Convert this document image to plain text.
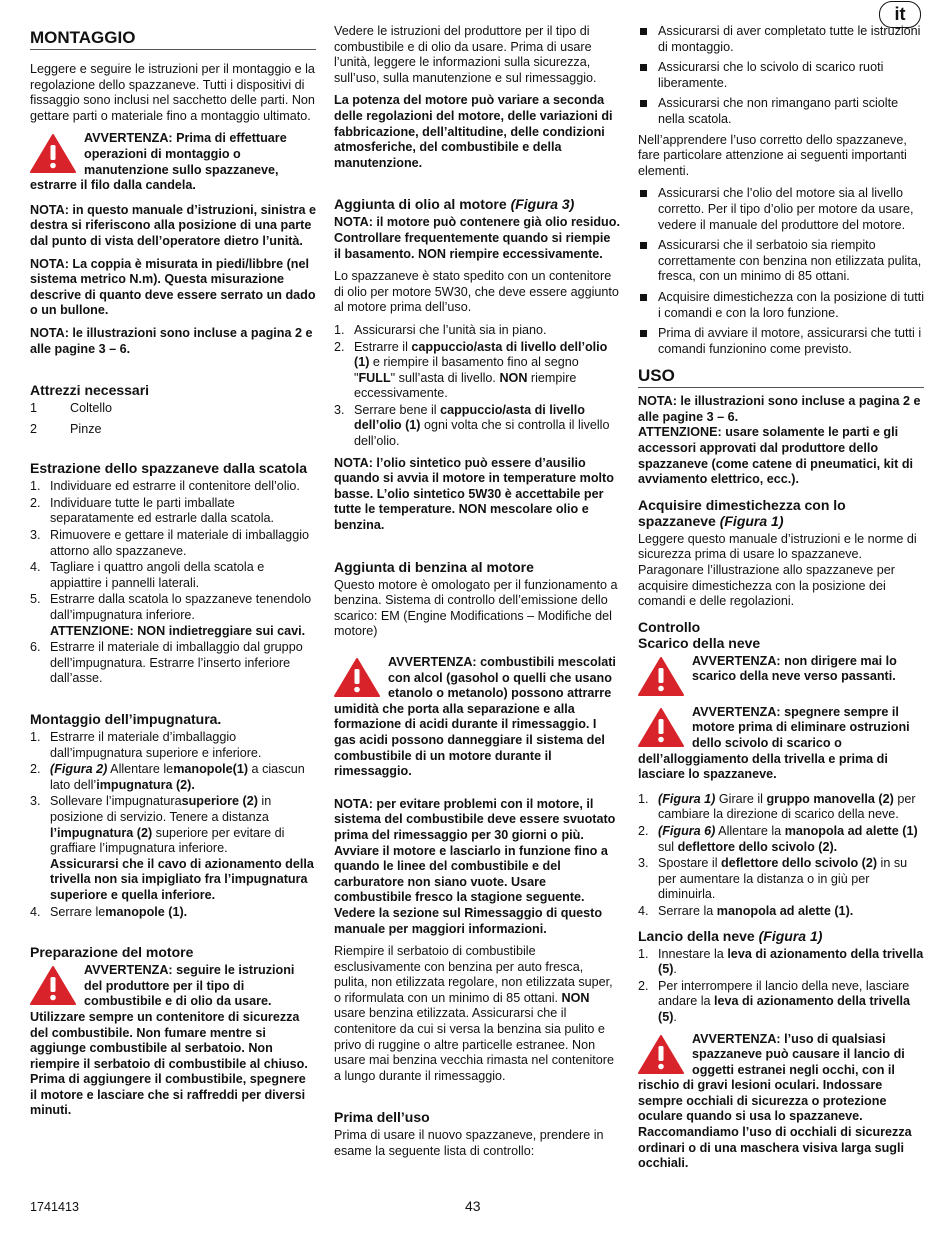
it
MONTAGGIO

Leggere e seguire le istruzioni per il montaggio e la regolazione dello spazzaneve. Tutti i dispositivi di fissaggio sono inclusi nel sacchetto delle parti. Non gettare parti o materiale fino a montaggio ultimato.

AVVERTENZA: Prima di effettuare operazioni di montaggio o manutenzione sullo spazzaneve, estrarre il filo dalla candela.

NOTA: in questo manuale d’istruzioni, sinistra e destra si riferiscono alla posizione di una parte dal punto di vista dell’operatore dietro l’unità.

NOTA: La coppia è misurata in piedi/libbre (nel sistema metrico N.m). Questa misurazione descrive di quanto deve essere serrato un dado o un bullone.

NOTA: le illustrazioni sono incluse a pagina 2 e alle pagine 3 – 6.

Attrezzi necessari
1	Coltello
2	Pinze
Estrazione dello spazzaneve dalla scatola
1. Individuare ed estrarre il contenitore dell’olio.
2. Individuare tutte le parti imballate separatamente ed estrarle dalla scatola.
3. Rimuovere e gettare il materiale di imballaggio attorno allo spazzaneve.
4. Tagliare i quattro angoli della scatola e appiattire i pannelli laterali.
5. Estrarre dalla scatola lo spazzaneve tenendolo dall’impugnatura inferiore.
ATTENZIONE: NON indietreggiare sui cavi.
6. Estrarre il materiale di imballaggio dal gruppo dell’impugnatura. Estrarre l’inserto inferiore dall’asse.
Montaggio dell’impugnatura.
1. Estrarre il materiale d’imballaggio dall’impugnatura superiore e inferiore.
2. (Figura 2) Allentare lemanopole(1) a ciascun lato dell’impugnatura (2).
3. Sollevare l’impugnaturasuperiore (2) in posizione di servizio. Tenere a distanza l’impugnatura (2) superiore per evitare di graffiare l’impugnatura inferiore.
Assicurarsi che il cavo di azionamento della trivella non sia impigliato fra l’impugnatura superiore e quella inferiore.
4. Serrare lemanopole (1).
Preparazione del motore
AVVERTENZA: seguire le istruzioni del produttore per il tipo di combustibile e di olio da usare. Utilizzare sempre un contenitore di sicurezza del combustibile. Non fumare mentre si aggiunge combustibile al serbatoio. Non riempire il serbatoio di combustibile al chiuso. Prima di aggiungere il combustibile, spegnere il motore e lasciare che si raffreddi per diversi minuti.

Vedere le istruzioni del produttore per il tipo di combustibile e di olio da usare. Prima di usare l’unità, leggere le informazioni sulla sicurezza, sull’uso, sulla manutenzione e sul rimessaggio.

La potenza del motore può variare a seconda delle regolazioni del motore, delle variazioni di fabbricazione, dell’altitudine, delle condizioni atmosferiche, del combustibile e della manutenzione.

Aggiunta di olio al motore (Figura 3)

NOTA: il motore può contenere già olio residuo. Controllare frequentemente quando si riempie il basamento. NON riempire eccessivamente.

Lo spazzaneve è stato spedito con un contenitore di olio per motore 5W30, che deve essere aggiunto al motore prima dell’uso.

1. Assicurarsi che l’unità sia in piano.
2. Estrarre il cappuccio/asta di livello dell’olio (1) e riempire il basamento fino al segno "FULL" sull’asta di livello. NON riempire eccessivamente.
3. Serrare bene il cappuccio/asta di livello dell’olio (1) ogni volta che si controlla il livello dell’olio.

NOTA: l’olio sintetico può essere d’ausilio quando si avvia il motore in temperature molto basse. L’olio sintetico 5W30 è accettabile per tutte le temperature. NON mescolare olio e benzina.

Aggiunta di benzina al motore

Questo motore è omologato per il funzionamento a benzina. Sistema di controllo dell’emissione dello scarico: EM (Engine Modifications – Modifiche del motore)

AVVERTENZA: combustibili mescolati con alcol (gasohol o quelli che usano etanolo o metanolo) possono attrarre umidità che porta alla separazione e alla formazione di acidi durante il rimessaggio. I gas acidi possono danneggiare il sistema del combustibile di un motore durante il rimessaggio.

NOTA: per evitare problemi con il motore, il sistema del combustibile deve essere svuotato prima del rimessaggio per 30 giorni o più. Avviare il motore e lasciarlo in funzione fino a quando le linee del combustibile e del carburatore non siano vuote. Usare combustibile fresco la stagione seguente. Vedere la sezione sul Rimessaggio di questo manuale per maggiori informazioni.

Riempire il serbatoio di combustibile esclusivamente con benzina per auto fresca, pulita, non etilizzata regolare, non etilizzata super, o riformulata con un minimo di 85 ottani. NON usare benzina etilizzata. Assicurarsi che il contenitore da cui si versa la benzina sia pulito e privo di ruggine o altre particelle estranee. Non usare mai benzina vecchia rimasta nel contenitore a lungo durante il rimessaggio.

Prima dell’uso

Prima di usare il nuovo spazzaneve, prendere in esame la seguente lista di controllo:

Assicurarsi di aver completato tutte le istruzioni di montaggio.
Assicurarsi che lo scivolo di scarico ruoti liberamente.
Assicurarsi che non rimangano parti sciolte nella scatola.

Nell’apprendere l’uso corretto dello spazzaneve, fare particolare attenzione ai seguenti importanti elementi.

Assicurarsi che l’olio del motore sia al livello corretto. Per il tipo d’olio per motore da usare, vedere il manuale del produttore del motore.
Assicurarsi che il serbatoio sia riempito correttamente con benzina non etilizzata pulita, fresca, con un minimo di 85 ottani.
Acquisire dimestichezza con la posizione di tutti i comandi e con la loro funzione.
Prima di avviare il motore, assicurarsi che tutti i comandi funzionino come previsto.
USO

NOTA: le illustrazioni sono incluse a pagina 2 e alle pagine 3 – 6.

ATTENZIONE: usare solamente le parti e gli accessori approvati dal produttore dello spazzaneve (come catene di pneumatici, kit di avviamento elettrico, ecc.).

Acquisire dimestichezza con lo spazzaneve (Figura 1)

Leggere questo manuale d’istruzioni e le norme di sicurezza prima di usare lo spazzaneve. Paragonare l’illustrazione allo spazzaneve per acquisire dimestichezza con la posizione dei comandi e delle regolazioni.

Controllo
Scarico della neve
AVVERTENZA: non dirigere mai lo scarico della neve verso passanti.
AVVERTENZA: spegnere sempre il motore prima di eliminare ostruzioni dello scivolo di scarico o dell’alloggiamento della trivella e prima di lasciare lo spazzaneve.
1. (Figura 1) Girare il gruppo manovella (2) per cambiare la direzione di scarico della neve.
2. (Figura 6) Allentare la manopola ad alette (1) sul deflettore dello scivolo (2).
3. Spostare il deflettore dello scivolo (2) in su per aumentare la distanza o in giù per diminuirla.
4. Serrare la manopola ad alette (1).
Lancio della neve (Figura 1)
1. Innestare la leva di azionamento della trivella (5).
2. Per interrompere il lancio della neve, lasciare andare la leva di azionamento della trivella (5).
AVVERTENZA: l’uso di qualsiasi spazzaneve può causare il lancio di oggetti estranei negli occhi, con il rischio di gravi lesioni oculari. Indossare sempre occhiali di sicurezza o protezione oculare quando si usa lo spazzaneve. Raccomandiamo l’uso di occhiali di sicurezza ordinari o di una maschera visiva larga sugli occhiali.
1741413	43
